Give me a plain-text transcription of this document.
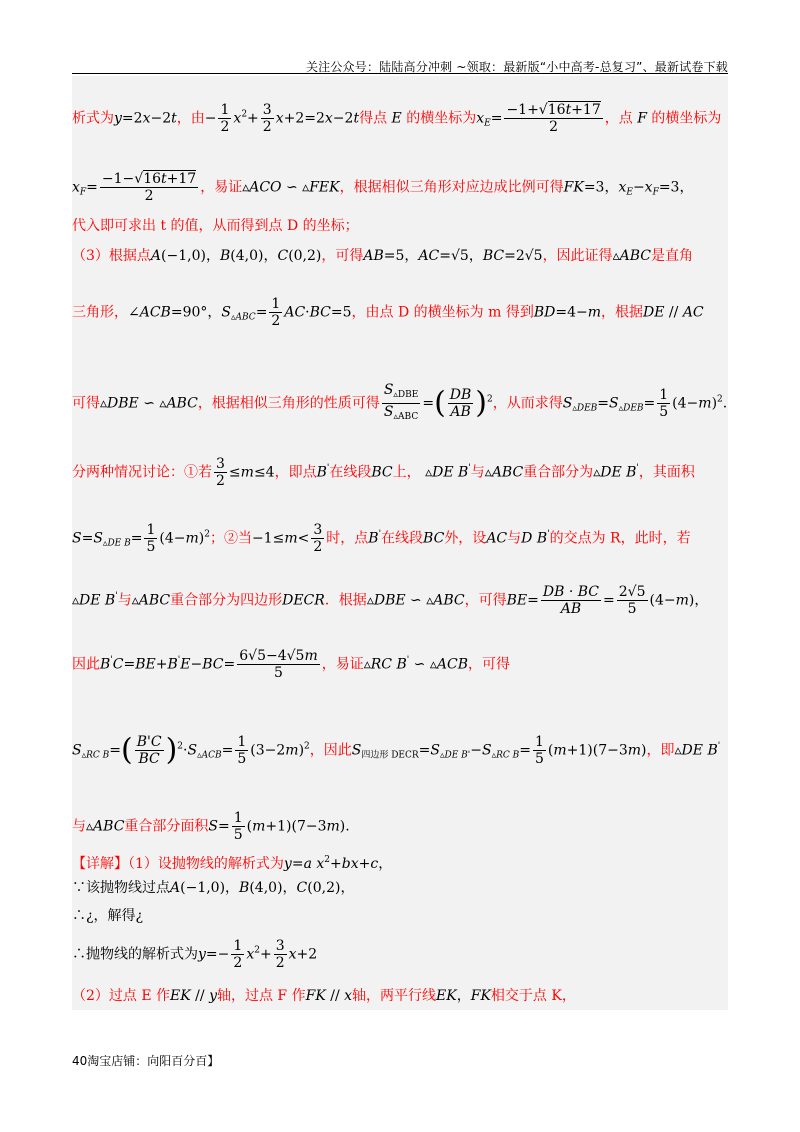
关注公众号：陆陆高分冲刺 ~领取：最新版“小中高考-总复习”、最新试卷下载
析式为y=2x−2t，由− $\frac{1}{2} x^2+ \frac{3}{2} x+2=2x-2t$得点 E 的横坐标为$x_E= \frac{-1+√16t+17}{2}$ ，点 F 的横坐标为
$x_F= \frac{-1-√16t+17}{2}$ ，易证▵ACO ∽ ▵FEK，根据相似三角形对应边成比例可得FK=3，$x_E-x_F=3$，
代入即可求出 t 的值，从而得到点 D 的坐标；
（3）根据点A(−1,0)，B(4,0)，C(0,2)，可得AB=5，AC=√5，BC=2√5，因此证得▵ABC是直角
三角形，∠ACB=90°，$S_{▵ABC}= \frac{1}{2} AC\cdot BC=5$，由点 D 的横坐标为 m 得到BD=4−m，根据DE // AC
可得▵DBE ∽ ▵ABC，根据相似三角形的性质可得 $\frac{S_{▵DBE}}{S_{▵ABC}}$ =( $\frac{DB}{AB} )^2$，从而求得$S_{▵DEB}=S_{▵DEB}= \frac{1}{5} (4-m)^2$.
分两种情况讨论：①若 $\frac{3}{2} \le m\le 4$，即点B'在线段BC上， ▵DE B'与▵ABC重合部分为▵DE B'，其面积
$S=S_{▵DE B}= \frac{1}{5} (4-m)^2$；②当$-1\le m< \frac{3}{2}$ 时，点B'在线段BC外，设AC与D B'的交点为 R，此时，若
▵DE B'与▵ABC重合部分为四边形DECR．根据▵DBE ∽ ▵ABC，可得$BE= \frac{DB \cdot BC}{AB} = \frac{2√5}{5} (4-m)$，
因此$B'C=BE+B'E-BC= \frac{6√5-4√5m}{5}$ ，易证▵RC B' ∽ ▵ACB，可得
$S_{▵RC B}=( \frac{B'C}{BC} )^2\cdot S_{▵ACB}= \frac{1}{5} (3-2m)^2$，因此$S_{四边形 DECR}=S_{▵DE B'}-S_{▵RC B}= \frac{1}{5} (m+1)(7-3m)$，即▵DE B'
与▵ABC重合部分面积$S= \frac{1}{5} (m+1)(7-3m)$.
【详解】（1）设抛物线的解析式为y=a $x^2+bx+c$，
∵该抛物线过点A(−1,0)，B(4,0)，C(0,2)，
∴¿，解得¿
∴抛物线的解析式为$y=- \frac{1}{2} x^2+ \frac{3}{2} x+2$
（2）过点 E 作EK // y轴，过点 F 作FK // x轴，两平行线EK，FK相交于点 K，
40淘宝店铺：向阳百分百】
